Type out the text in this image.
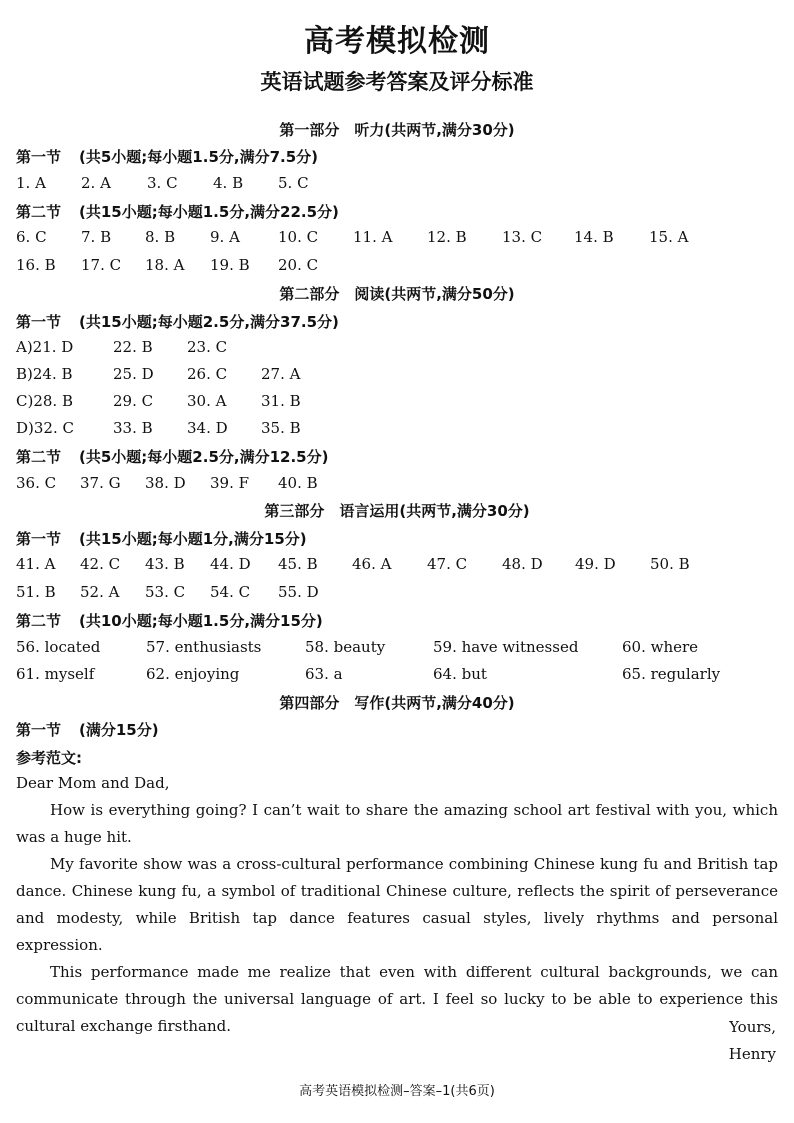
高考模拟检测
英语试题参考答案及评分标准
第一部分　听力(共两节,满分30分)
第一节 (共5小题;每小题1.5分,满分7.5分)
1. A 2. A 3. C 4. B 5. C
第二节 (共15小题;每小题1.5分,满分22.5分)
6. C 7. B 8. B 9. A	10. C 11. A 12. B 13. C 14. B 15. A
16. B 17. C 18. A 19. B 20. C
第二部分　阅读(共两节,满分50分)
第一节 (共15小题;每小题2.5分,满分37.5分)
A)21. D	22. B 23. C
B)24. B	25. D 26. C 27. A
C)28. B	29. C 30. A 31. B
D)32. C	33. B 34. D 35. B
第二节 (共5小题;每小题2.5分,满分12.5分)
36. C 37. G 38. D 39. F 40. B
第三部分　语言运用(共两节,满分30分)
第一节 (共15小题;每小题1分,满分15分)
41. A 42. C 43. B 44. D 45. B 46. A 47. C 48. D 49. D 50. B
51. B 52. A 53. C 54. C 55. D
第二节 (共10小题;每小题1.5分,满分15分)
56. located	57. enthusiasts	58. beauty	59. have witnessed	60. where
61. myself	62. enjoying	63. a	64. but	65. regularly
第四部分　写作(共两节,满分40分)
第一节 (满分15分)
参考范文:

Dear Mom and Dad,

How is everything going? I can’t wait to share the amazing school art festival with you, which was a huge hit.

My favorite show was a cross-cultural performance combining Chinese kung fu and British tap dance. Chinese kung fu, a symbol of traditional Chinese culture, reflects the spirit of perseverance and modesty, while British tap dance features casual styles, lively rhythms and personal expression.

This performance made me realize that even with different cultural backgrounds, we can communicate through the universal language of art. I feel so lucky to be able to experience this cultural exchange firsthand.	Yours,
Henry
高考英语模拟检测–答案–1(共6页)
